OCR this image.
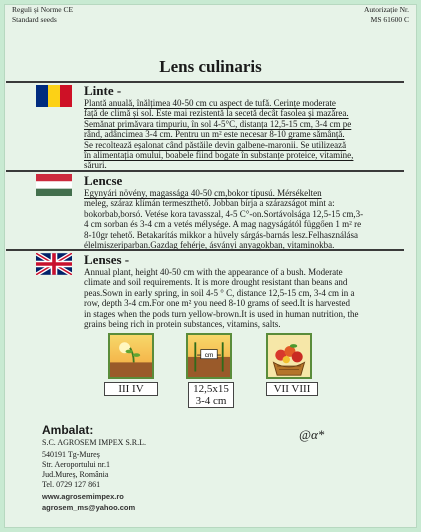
Reguli și Norme CE
Standard seeds
Autorizație Nr.
MS 61600 C
Lens culinaris
Linte -
Plantă anuală, înălțimea 40-50 cm cu aspect de tufă. Cerințe moderate
față de climă și sol. Este mai rezistentă la secetă decât fasolea și mazărea.
Semănat primăvara timpuriu, în sol 4-5°C, distanța 12,5-15 cm, 3-4 cm pe
rând, adâncimea 3-4 cm. Pentru un m² este necesar 8-10 grame sămânță.
Se recoltează eșalonat când păstăile devin galbene-maronii. Se utilizează
în alimentația omului, boabele fiind bogate în substanțe proteice, vitamine,
săruri.
Lencse
Egynyári növény, magassága 40-50 cm,bokor típusú. Mérsékelten
meleg, száraz klímán termeszthető. Jobban bírja a szárazságot mint a:
bokorbab,borsó. Vetése kora tavasszal, 4-5 C°-on.Sortávolsága 12,5-15 cm,3-
4 cm sorban és 3-4 cm a vetés mélysége. A mag nagyságától függően 1 m² re
8-10gr tehető. Betakarítás mikkor a hüvely sárgás-barnás lesz.Felhasználása
élelmiszeriparban.Gazdag fehérje, ásványi anyagokban, vitaminokba.
Lenses -
Annual plant, height 40-50 cm with the appearance of a bush. Moderate
climate and soil requirements. It is more drought resistant than beans and
peas.Sown in early spring, in soil 4-5 ° C, distance 12,5-15 cm, 3-4 cm in a
row, depth 3-4 cm.For one m² you need 8-10 grams of seed.It is harvested
in stages when the pods turn yellow-brown.It is used in human nutrition, the
grains being rich in protein substances, vitamins, salts.
III IV
cm
12,5x15
3-4 cm
VII VIII
Ambalat:
S.C. AGROSEM IMPEX S.R.L.
540191 Tg-Mureș
Str. Aeroportului nr.1
Jud.Mureș, România
Tel. 0729 127 861
www.agrosemimpex.ro
agrosem_ms@yahoo.com
@α*
